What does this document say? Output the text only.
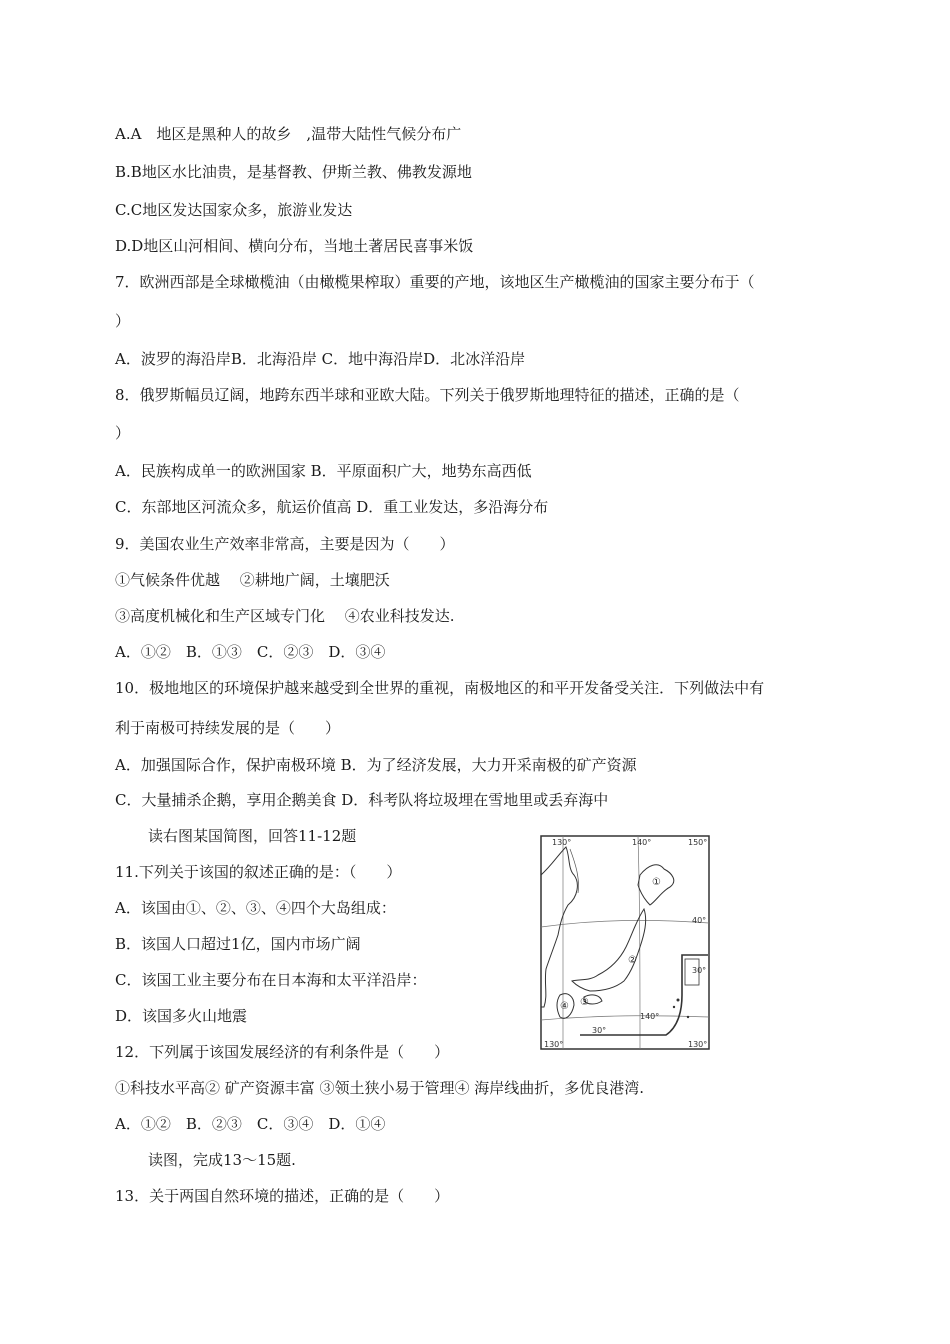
A.A　地区是黑种人的故乡　,温带大陆性气候分布广
B.B地区水比油贵，是基督教、伊斯兰教、佛教发源地
C.C地区发达国家众多，旅游业发达
D.D地区山河相间、横向分布，当地土著居民喜事米饭
7．欧洲西部是全球橄榄油（由橄榄果榨取）重要的产地，该地区生产橄榄油的国家主要分布于（
）
A．波罗的海沿岸B．北海沿岸 C．地中海沿岸D．北冰洋沿岸
8．俄罗斯幅员辽阔，地跨东西半球和亚欧大陆。下列关于俄罗斯地理特征的描述，正确的是（
）
A．民族构成单一的欧洲国家 B．平原面积广大，地势东高西低
C．东部地区河流众多，航运价值高 D．重工业发达，多沿海分布
9．美国农业生产效率非常高，主要是因为（　　）
①气候条件优越　 ②耕地广阔，土壤肥沃
③高度机械化和生产区域专门化　 ④农业科技发达.
A．①②　B．①③　C．②③　D．③④
10．极地地区的环境保护越来越受到全世界的重视，南极地区的和平开发备受关注．下列做法中有
利于南极可持续发展的是（　　）
A．加强国际合作，保护南极环境 B．为了经济发展，大力开采南极的矿产资源
C．大量捕杀企鹅，享用企鹅美食 D．科考队将垃圾埋在雪地里或丢弃海中
读右图某国简图，回答11-12题
11.下列关于该国的叙述正确的是：（　　）
A．该国由①、②、③、④四个大岛组成：
B．该国人口超过1亿，国内市场广阔
C．该国工业主要分布在日本海和太平洋沿岸：
D．该国多火山地震
12．下列属于该国发展经济的有利条件是（　　）
①科技水平高② 矿产资源丰富 ③领土狭小易于管理④ 海岸线曲折，多优良港湾.
A．①②　B．②③　C．③④　D．①④
读图，完成13～15题.
13．关于两国自然环境的描述，正确的是（　　）
130°	140°	150°
140°
130°	130°
40°
30°
30°
①
②
③
④
